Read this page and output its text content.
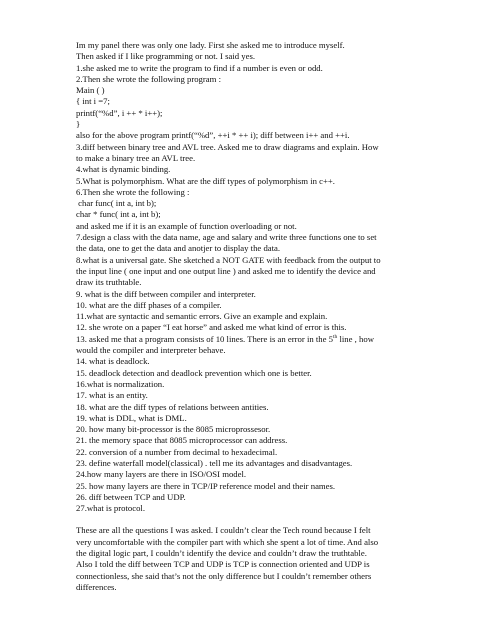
Im my panel there was only one lady. First she asked me to introduce myself.
Then asked if I like programming or not. I said yes.
1.she asked me to write the program to find if a number is even or odd.
2.Then she wrote the following program :
Main ( )
{ int i =7;
printf(“%d”, i ++ * i++);
}
also for the above program printf(“%d”, ++i * ++ i); diff between i++ and ++i.
3.diff between binary tree and AVL tree. Asked me to draw diagrams and explain. How
to make a binary tree an AVL tree.
4.what is dynamic binding.
5.What is polymorphism. What are the diff types of polymorphism in c++.
6.Then she wrote the following :
char func( int a, int b);
char * func( int a, int b);
and asked me if it is an example of function overloading or not.
7.design a class with the data name, age and salary and write three functions one to set
the data, one to get the data and anotjer to display the data.
8.what is a universal gate. She sketched a NOT GATE with feedback from the output to
the input line ( one input and one output line ) and asked me to identify the device and
draw its truthtable.
9. what is the diff between compiler and interpreter.
10. what are the diff phases of a compiler.
11.what are syntactic and semantic errors. Give an example and explain.
12. she wrote on a paper “I eat horse” and asked me what kind of error is this.
13. asked me that a program consists of 10 lines. There is an error in the 5th line , how
would the compiler and interpreter behave.
14. what is deadlock.
15. deadlock detection and deadlock prevention which one is better.
16.what is normalization.
17. what is an entity.
18. what are the diff types of relations between antities.
19. what is DDL, what is DML.
20. how many bit-processor is the 8085 microprossesor.
21. the memory space that 8085 microprocessor can address.
22. conversion of a number from decimal to hexadecimal.
23. define waterfall model(classical) . tell me its advantages and disadvantages.
24.how many layers are there in ISO/OSI model.
25. how many layers are there in TCP/IP reference model and their names.
26. diff between TCP and UDP.
27.what is protocol.
These are all the questions I was asked. I couldn’t clear the Tech round because I felt
very uncomfortable with the compiler part with which she spent a lot of time. And also
the digital logic part, I couldn’t identify the device and couldn’t draw the truthtable.
Also I told the diff between TCP and UDP is TCP is connection oriented and UDP is
connectionless, she said that’s not the only difference but I couldn’t remember others
differences.
